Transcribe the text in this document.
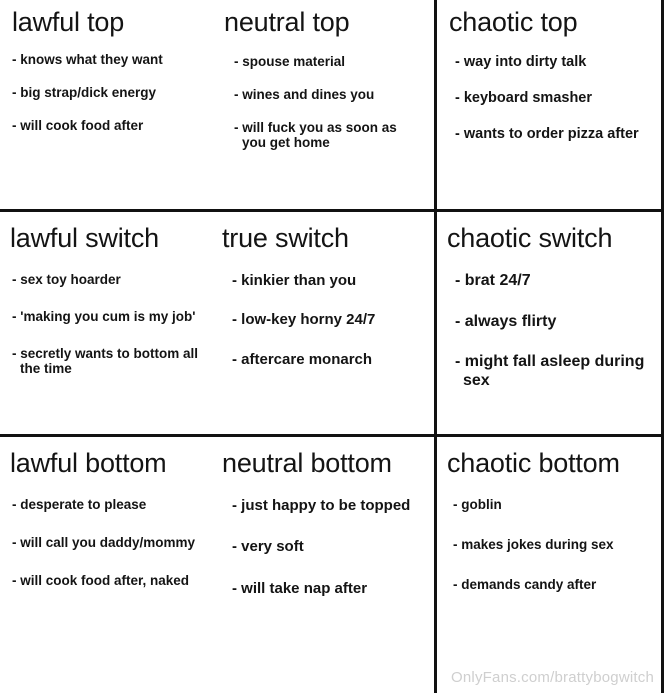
lawful top
- knows what they want
- big strap/dick energy
- will cook food after
neutral top
- spouse material
- wines and dines you
- will fuck you as soon as you get home
chaotic top
- way into dirty talk
- keyboard smasher
- wants to order pizza after
lawful switch
- sex toy hoarder
- 'making you cum is my job'
- secretly wants to bottom all the time
true switch
- kinkier than you
- low-key horny 24/7
- aftercare monarch
chaotic switch
- brat 24/7
- always flirty
- might fall asleep during sex
lawful bottom
- desperate to please
- will call you daddy/mommy
- will cook food after, naked
neutral bottom
- just happy to be topped
- very soft
- will take nap after
chaotic bottom
- goblin
- makes jokes during sex
- demands candy after
OnlyFans.com/brattybogwitch
